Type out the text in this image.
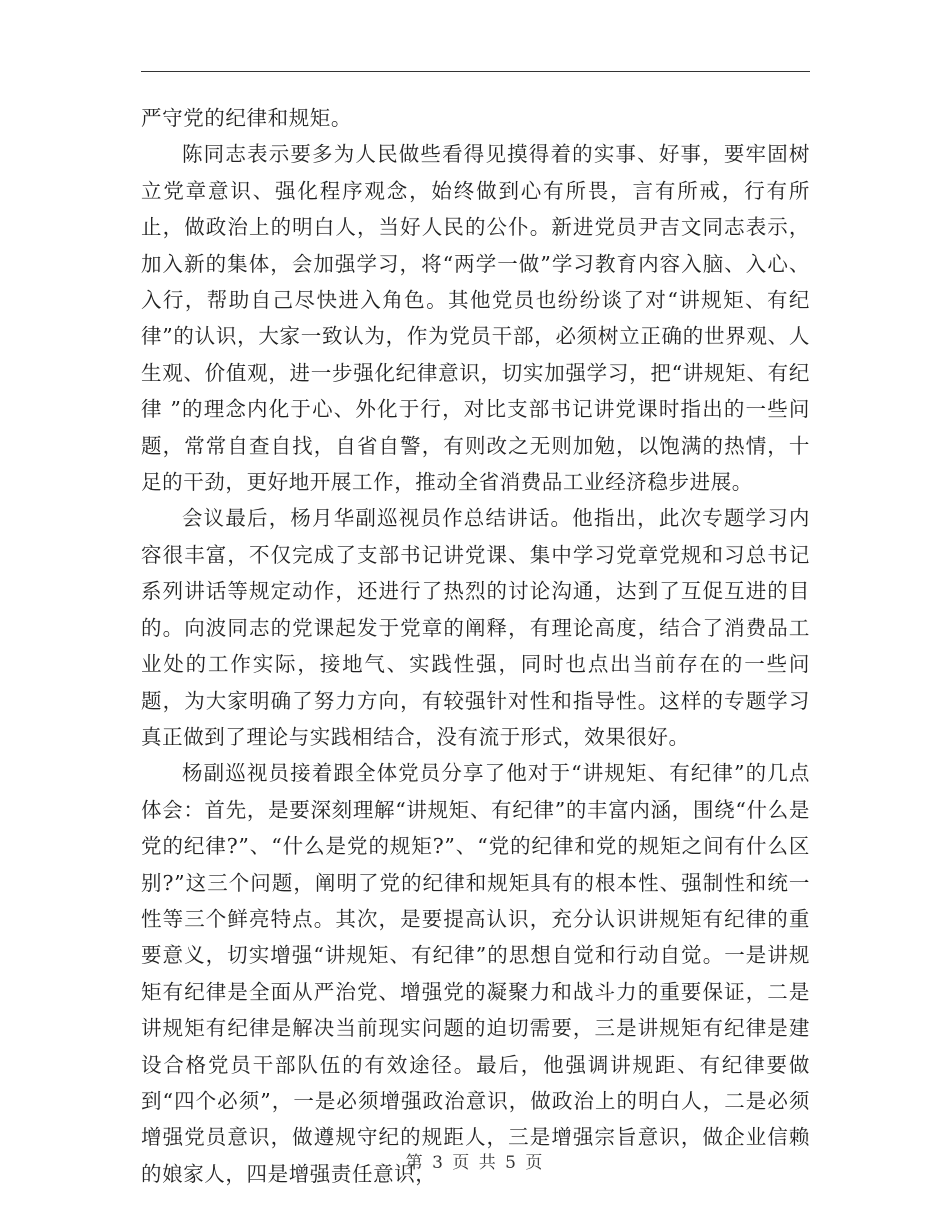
严守党的纪律和规矩。

陈同志表示要多为人民做些看得见摸得着的实事、好事，要牢固树立党章意识、强化程序观念，始终做到心有所畏，言有所戒，行有所止，做政治上的明白人，当好人民的公仆。新进党员尹吉文同志表示，加入新的集体，会加强学习，将“两学一做”学习教育内容入脑、入心、入行，帮助自己尽快进入角色。其他党员也纷纷谈了对“讲规矩、有纪律”的认识，大家一致认为，作为党员干部，必须树立正确的世界观、人生观、价值观，进一步强化纪律意识，切实加强学习，把“讲规矩、有纪律 ”的理念内化于心、外化于行，对比支部书记讲党课时指出的一些问题，常常自查自找，自省自警，有则改之无则加勉，以饱满的热情，十足的干劲，更好地开展工作，推动全省消费品工业经济稳步进展。

会议最后，杨月华副巡视员作总结讲话。他指出，此次专题学习内容很丰富，不仅完成了支部书记讲党课、集中学习党章党规和习总书记系列讲话等规定动作，还进行了热烈的讨论沟通，达到了互促互进的目的。向波同志的党课起发于党章的阐释，有理论高度，结合了消费品工业处的工作实际，接地气、实践性强，同时也点出当前存在的一些问题，为大家明确了努力方向，有较强针对性和指导性。这样的专题学习真正做到了理论与实践相结合，没有流于形式，效果很好。

杨副巡视员接着跟全体党员分享了他对于“讲规矩、有纪律”的几点体会：首先，是要深刻理解“讲规矩、有纪律”的丰富内涵，围绕“什么是党的纪律?”、“什么是党的规矩?”、“党的纪律和党的规矩之间有什么区别?”这三个问题，阐明了党的纪律和规矩具有的根本性、强制性和统一性等三个鲜亮特点。其次，是要提高认识，充分认识讲规矩有纪律的重要意义，切实增强“讲规矩、有纪律”的思想自觉和行动自觉。一是讲规矩有纪律是全面从严治党、增强党的凝聚力和战斗力的重要保证，二是讲规矩有纪律是解决当前现实问题的迫切需要，三是讲规矩有纪律是建设合格党员干部队伍的有效途径。最后，他强调讲规距、有纪律要做到“四个必须”，一是必须增强政治意识，做政治上的明白人，二是必须增强党员意识，做遵规守纪的规距人，三是增强宗旨意识，做企业信赖的娘家人，四是增强责任意识，

第 3 页 共 5 页
